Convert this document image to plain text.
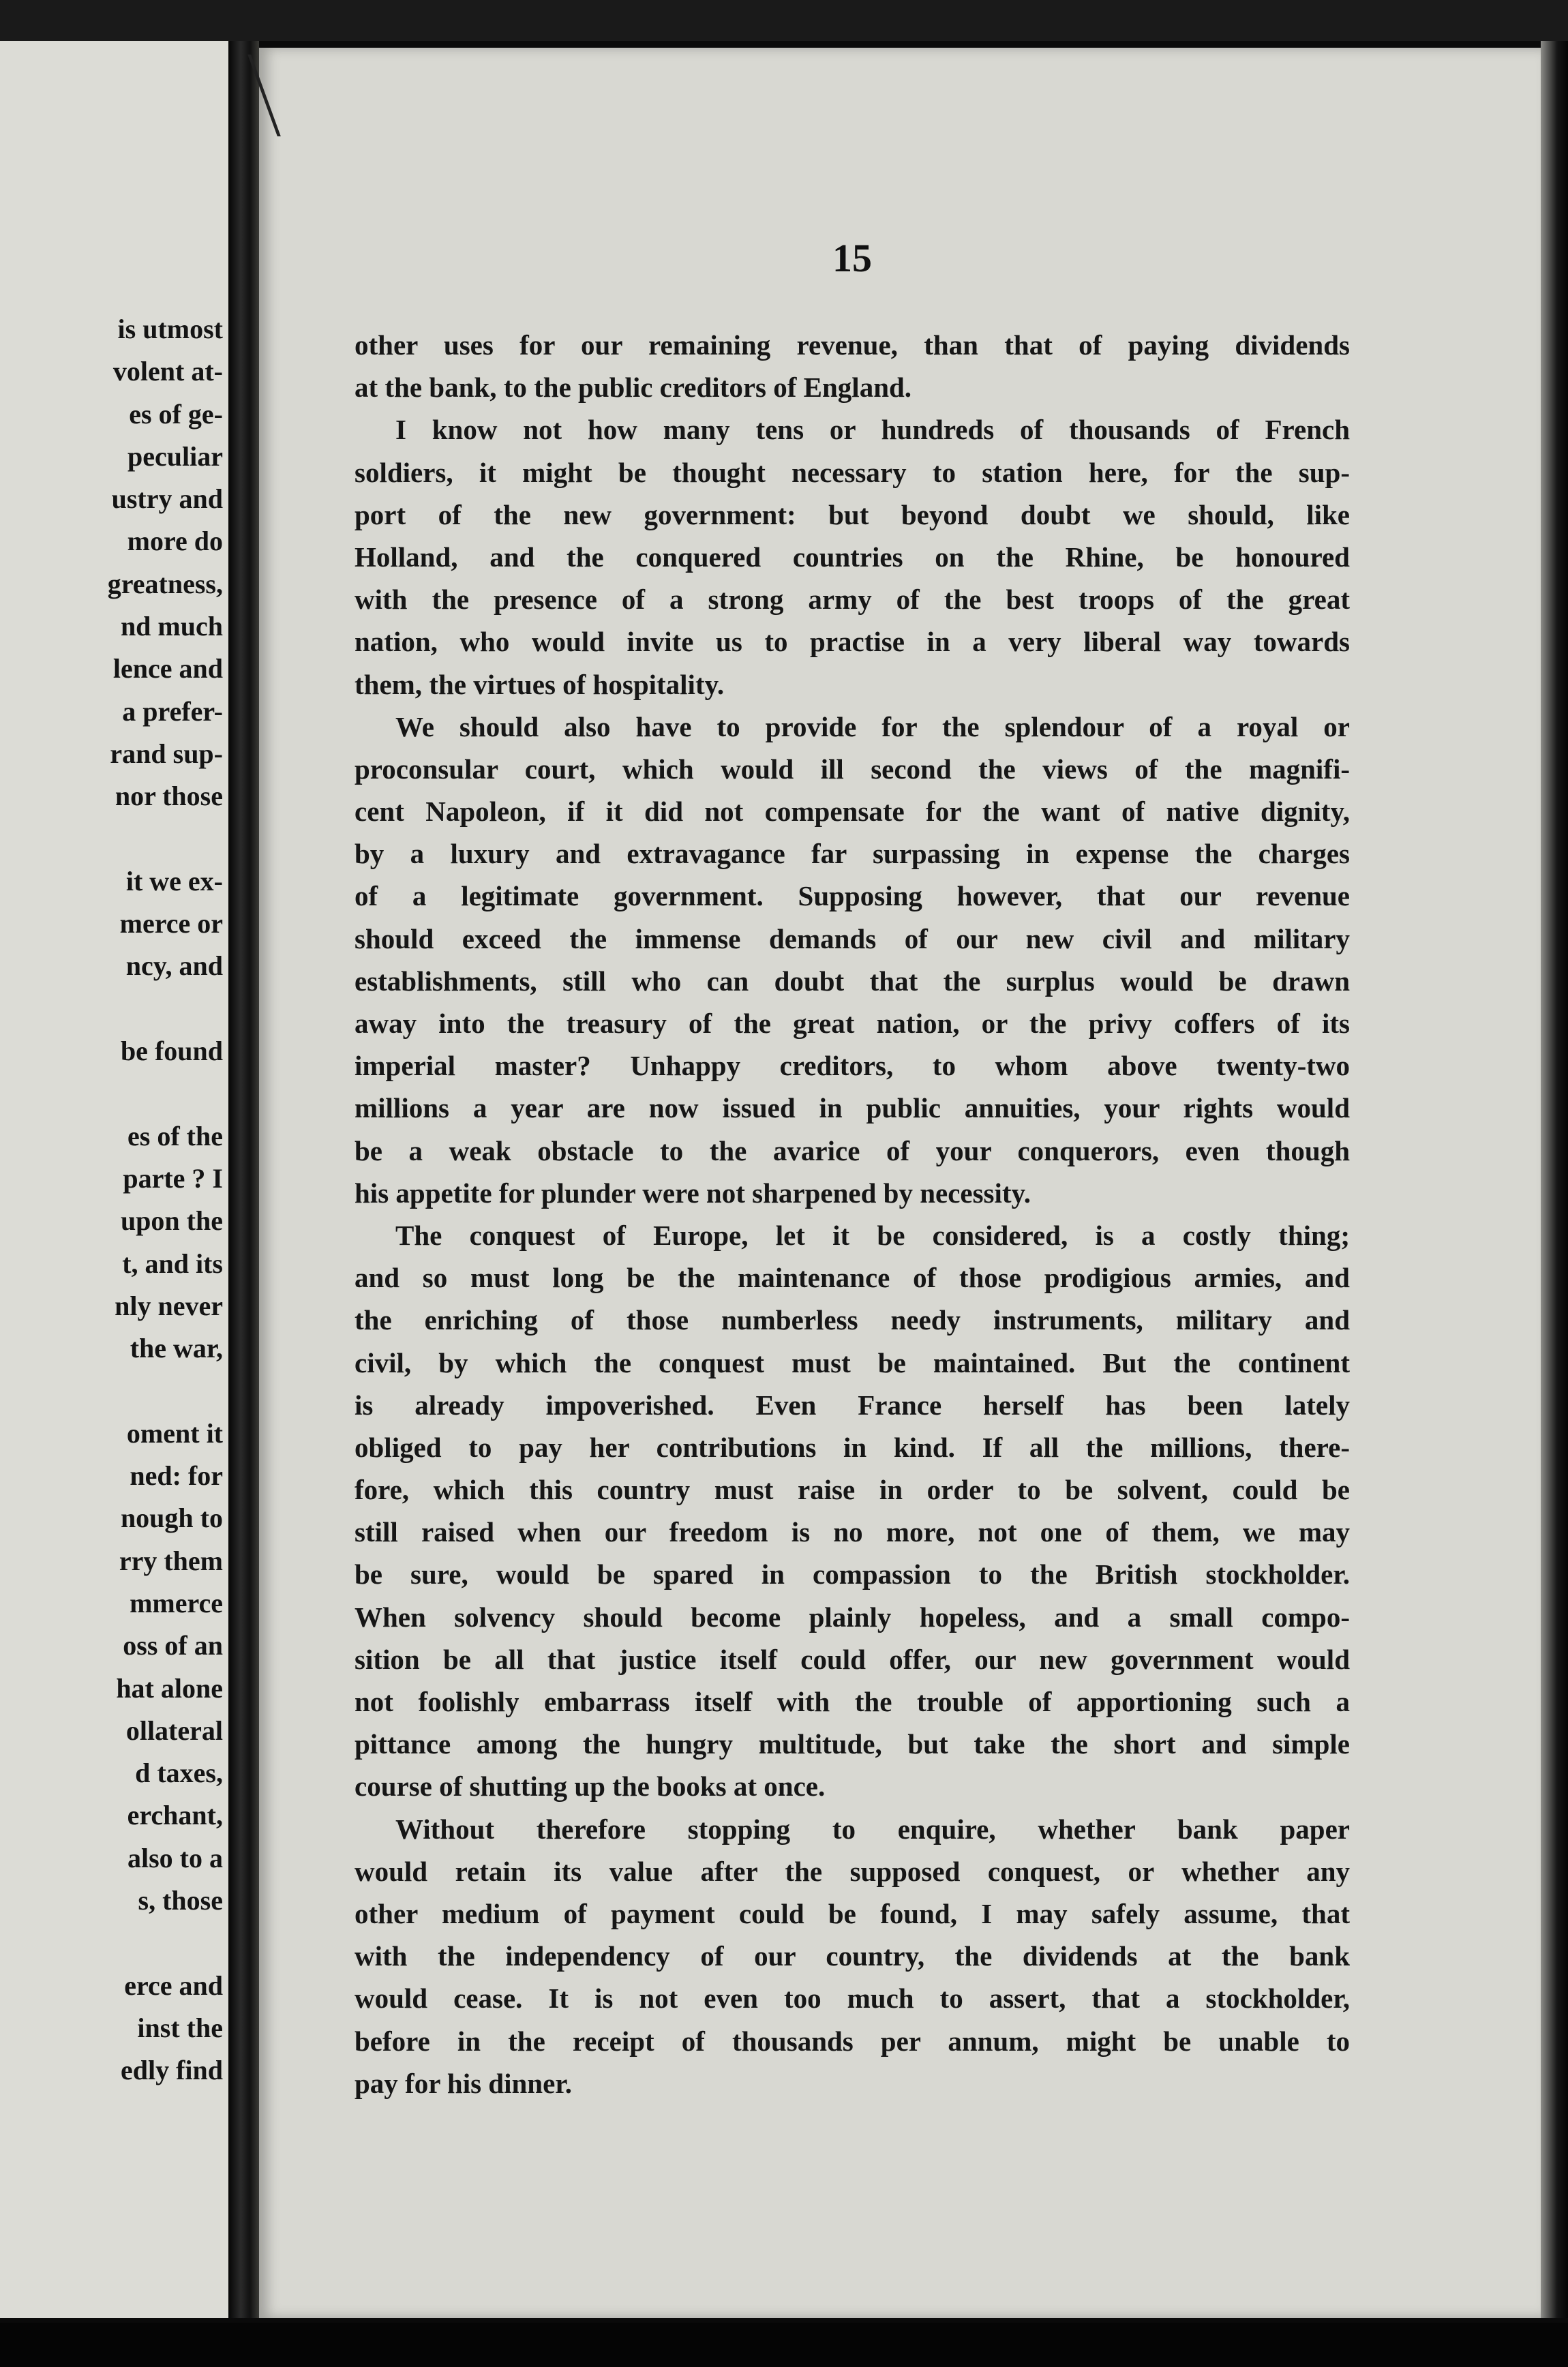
is utmost
volent at-
es of ge-
peculiar
ustry and
more do
greatness,
nd much
lence and
a prefer-
rand sup-
nor those
it we ex-
merce or
ncy, and
be found
es of the
parte ? I
upon the
t, and its
nly never
the war,
oment it
ned: for
nough to
rry them
mmerce
oss of an
hat alone
ollateral
d taxes,
erchant,
also to a
s, those
erce and
inst the
edly find
15
other uses for our remaining revenue, than that of paying dividends
at the bank, to the public creditors of England.
I know not how many tens or hundreds of thousands of French
soldiers, it might be thought necessary to station here, for the sup-
port of the new government: but beyond doubt we should, like
Holland, and the conquered countries on the Rhine, be honoured
with the presence of a strong army of the best troops of the great
nation, who would invite us to practise in a very liberal way towards
them, the virtues of hospitality.
We should also have to provide for the splendour of a royal or
proconsular court, which would ill second the views of the magnifi-
cent Napoleon, if it did not compensate for the want of native dignity,
by a luxury and extravagance far surpassing in expense the charges
of a legitimate government. Supposing however, that our revenue
should exceed the immense demands of our new civil and military
establishments, still who can doubt that the surplus would be drawn
away into the treasury of the great nation, or the privy coffers of its
imperial master? Unhappy creditors, to whom above twenty-two
millions a year are now issued in public annuities, your rights would
be a weak obstacle to the avarice of your conquerors, even though
his appetite for plunder were not sharpened by necessity.
The conquest of Europe, let it be considered, is a costly thing;
and so must long be the maintenance of those prodigious armies, and
the enriching of those numberless needy instruments, military and
civil, by which the conquest must be maintained. But the continent
is already impoverished. Even France herself has been lately
obliged to pay her contributions in kind. If all the millions, there-
fore, which this country must raise in order to be solvent, could be
still raised when our freedom is no more, not one of them, we may
be sure, would be spared in compassion to the British stockholder.
When solvency should become plainly hopeless, and a small compo-
sition be all that justice itself could offer, our new government would
not foolishly embarrass itself with the trouble of apportioning such a
pittance among the hungry multitude, but take the short and simple
course of shutting up the books at once.
Without therefore stopping to enquire, whether bank paper
would retain its value after the supposed conquest, or whether any
other medium of payment could be found, I may safely assume, that
with the independency of our country, the dividends at the bank
would cease. It is not even too much to assert, that a stockholder,
before in the receipt of thousands per annum, might be unable to
pay for his dinner.
